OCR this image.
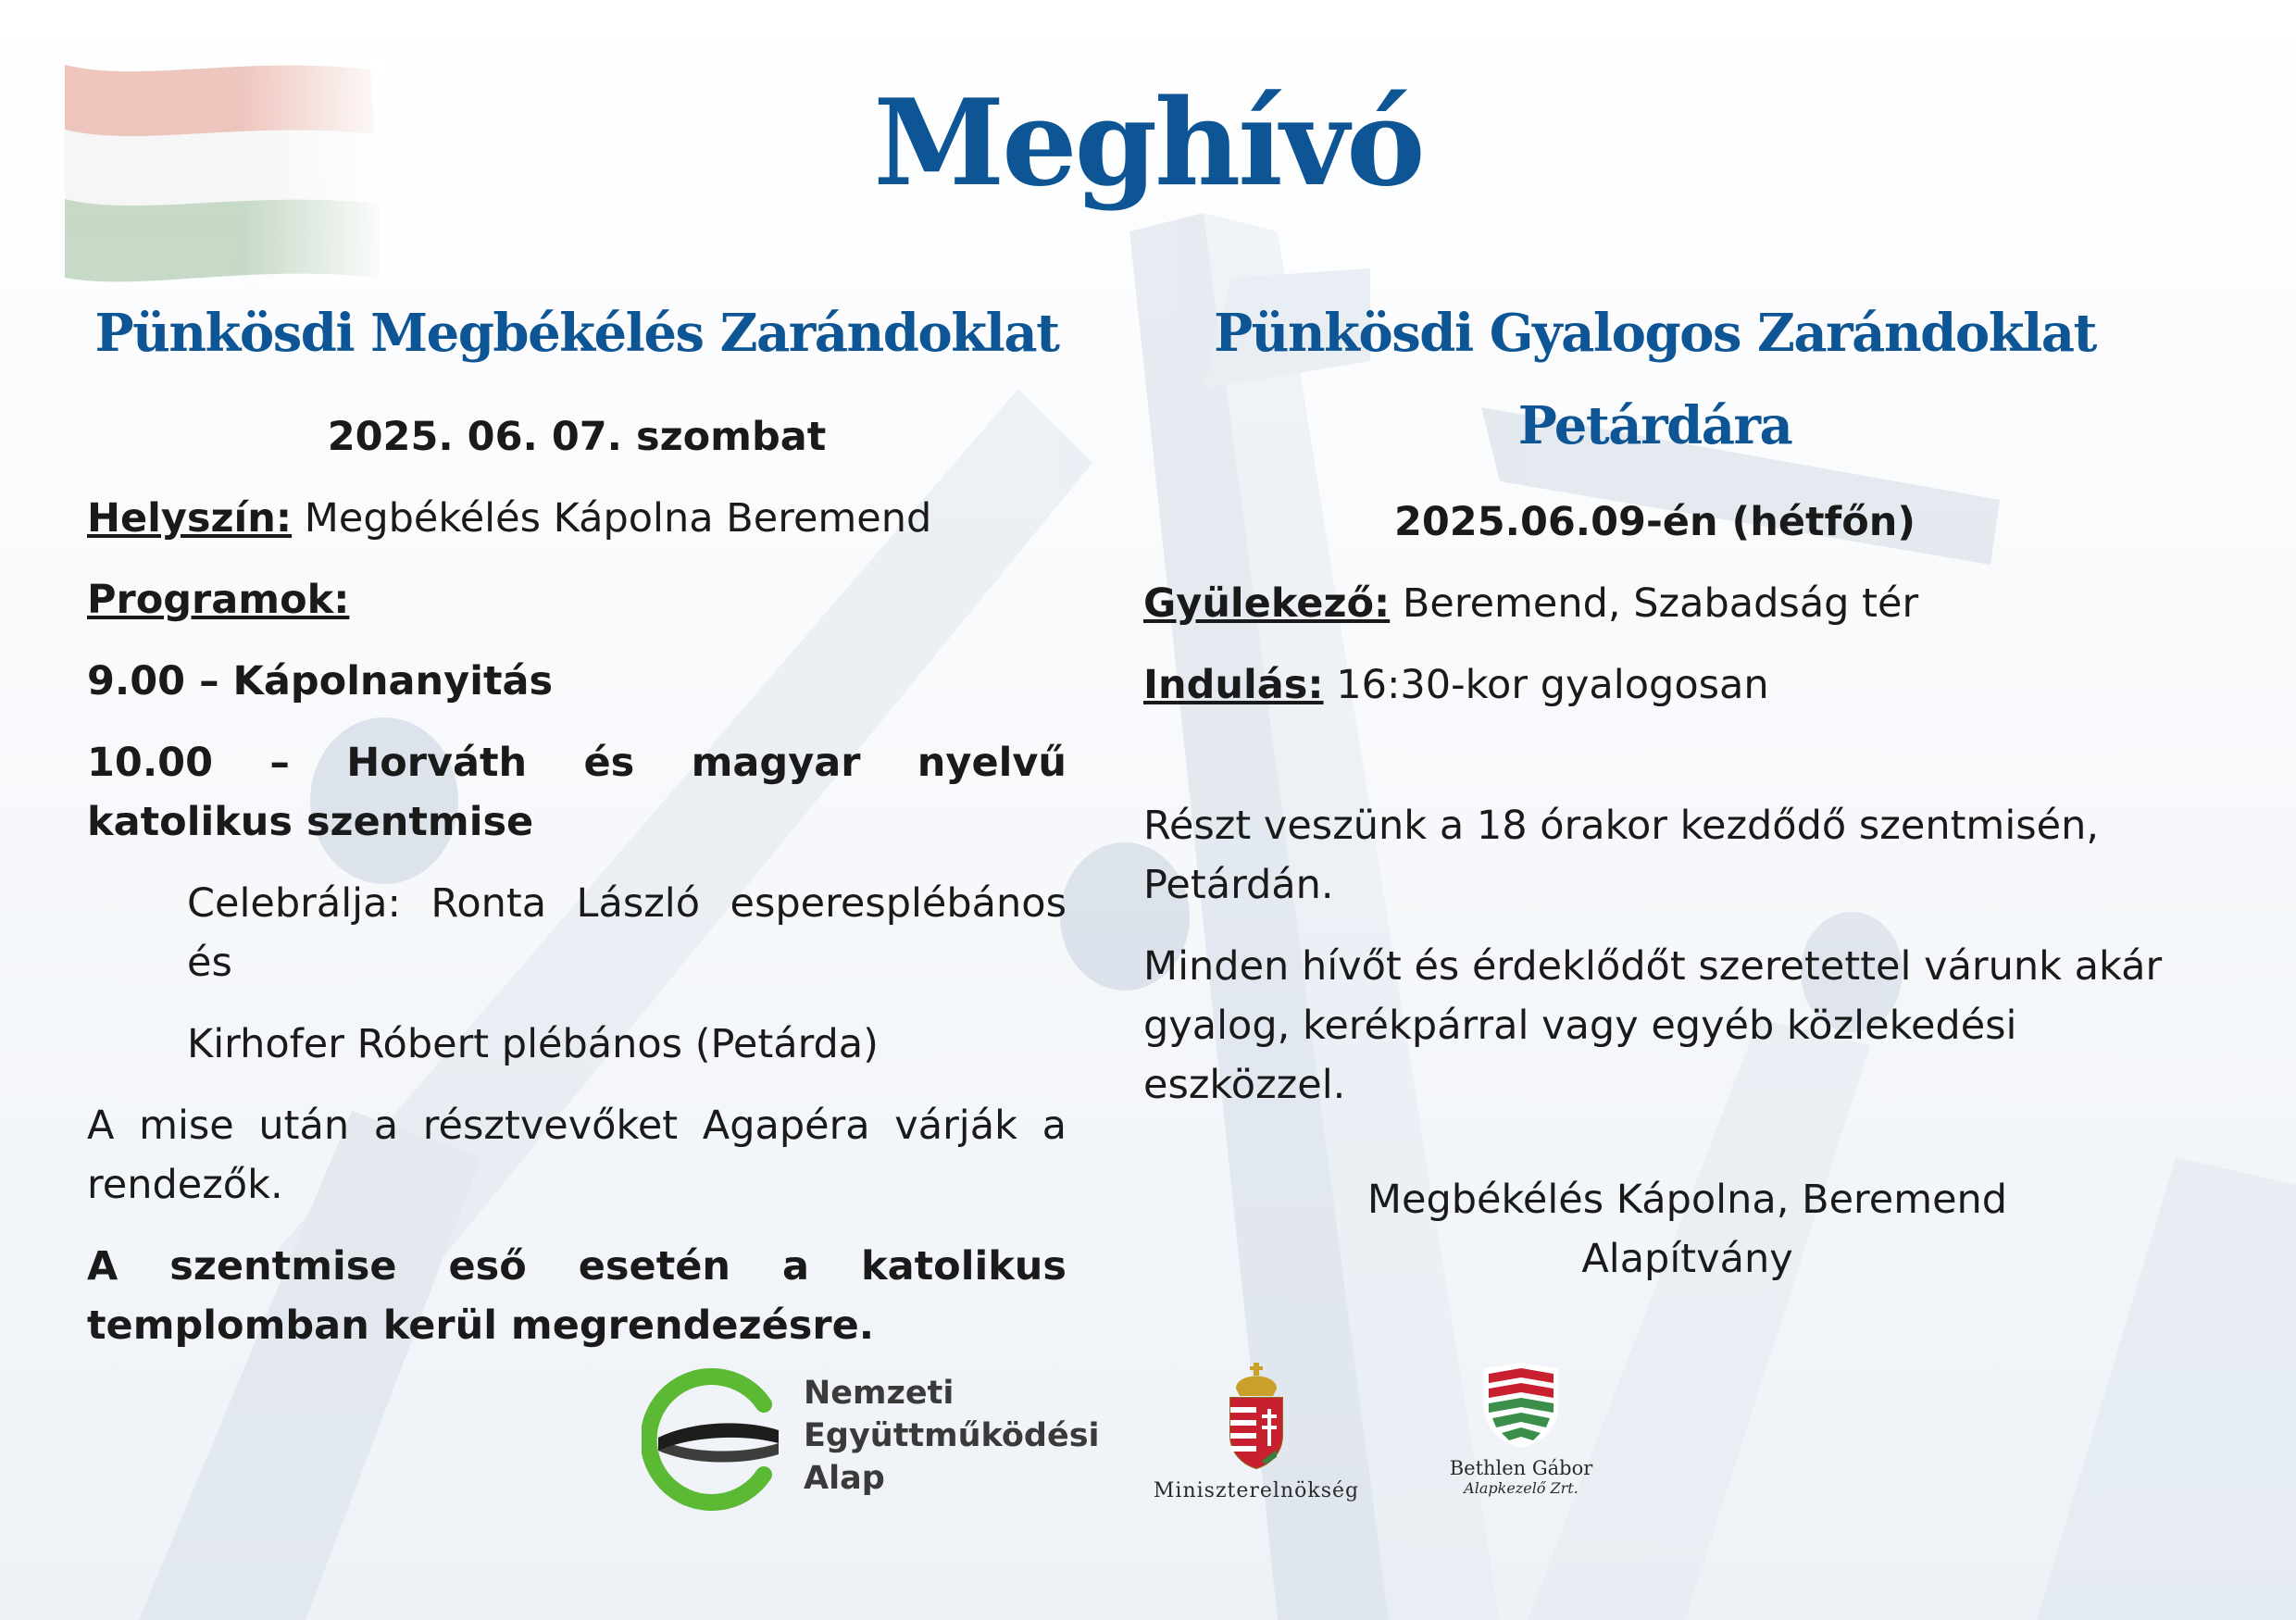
Meghívó
Pünkösdi Megbékélés Zarándoklat

2025. 06. 07. szombat

Helyszín: Megbékélés Kápolna Beremend

Programok:

9.00 – Kápolnanyitás

10.00 – Horváth és magyar nyelvű katolikus szentmise

Celebrálja: Ronta László esperesplébános és

Kirhofer Róbert plébános (Petárda)

A mise után a résztvevőket Agapéra várják a rendezők.

A szentmise eső esetén a katolikus templomban kerül megrendezésre.

Pünkösdi Gyalogos Zarándoklat
Petárdára

2025.06.09-én (hétfőn)

Gyülekező: Beremend, Szabadság tér

Indulás: 16:30-kor gyalogosan

Részt veszünk a 18 órakor kezdődő szentmisén, Petárdán.

Minden hívőt és érdeklődőt szeretettel várunk akár gyalog, kerékpárral vagy egyéb közlekedési eszközzel.

Megbékélés Kápolna, Beremend
Alapítvány
Nemzeti
Együttműködési
Alap	Miniszterelnökség
Bethlen Gábor
Alapkezelő Zrt.
